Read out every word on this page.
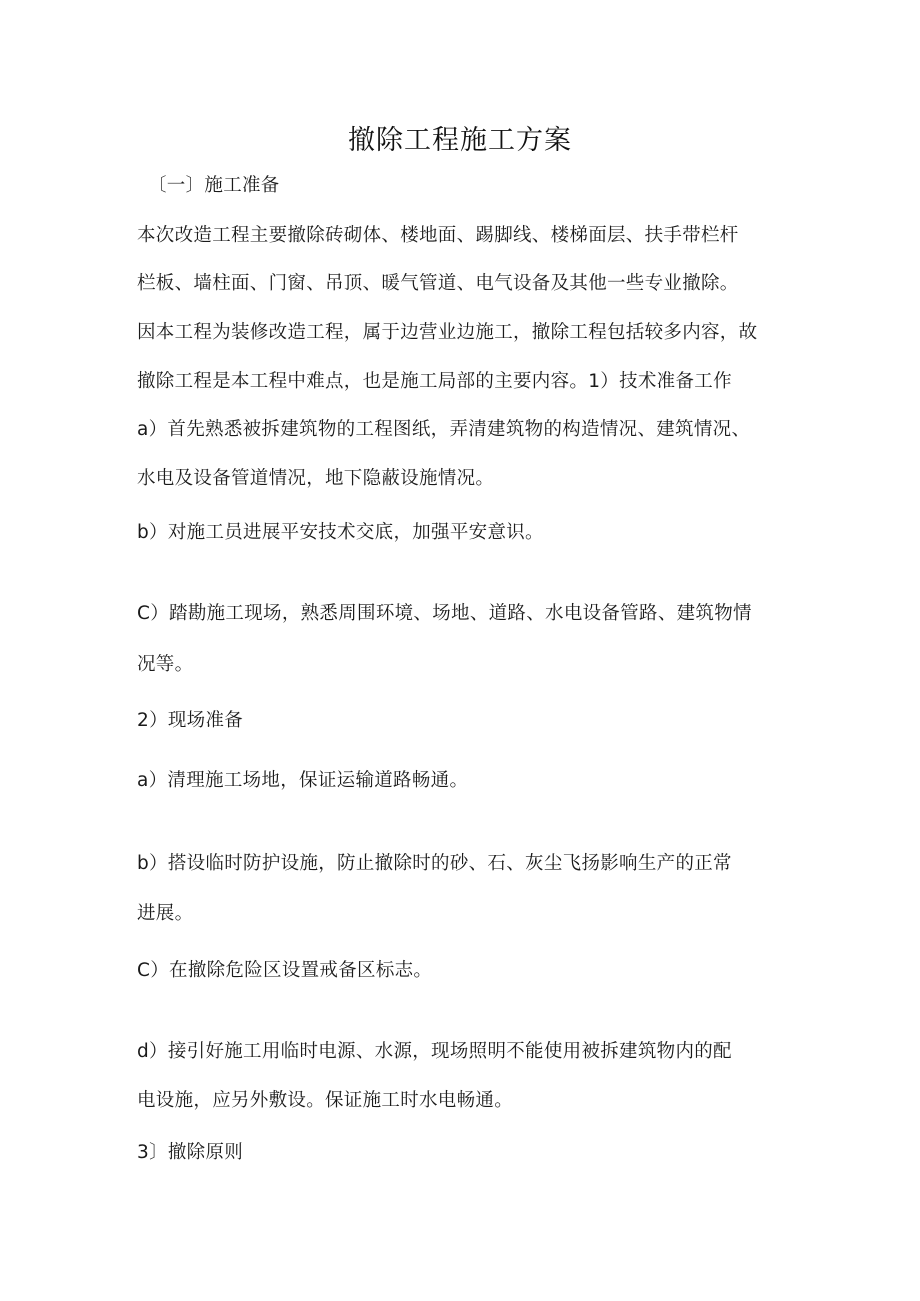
撤除工程施工方案
〔一〕施工准备
本次改造工程主要撤除砖砌体、楼地面、踢脚线、楼梯面层、扶手带栏杆
栏板、墙柱面、门窗、吊顶、暖气管道、电气设备及其他一些专业撤除。
因本工程为装修改造工程，属于边营业边施工，撤除工程包括较多内容，故
撤除工程是本工程中难点，也是施工局部的主要内容。1）技术准备工作
a）首先熟悉被拆建筑物的工程图纸，弄清建筑物的构造情况、建筑情况、
水电及设备管道情况，地下隐蔽设施情况。
b）对施工员进展平安技术交底，加强平安意识。
C）踏勘施工现场，熟悉周围环境、场地、道路、水电设备管路、建筑物情
况等。
2）现场准备
a）清理施工场地，保证运输道路畅通。
b）搭设临时防护设施，防止撤除时的砂、石、灰尘飞扬影响生产的正常
进展。
C）在撤除危险区设置戒备区标志。
d）接引好施工用临时电源、水源，现场照明不能使用被拆建筑物内的配
电设施，应另外敷设。保证施工时水电畅通。
3〕撤除原则
